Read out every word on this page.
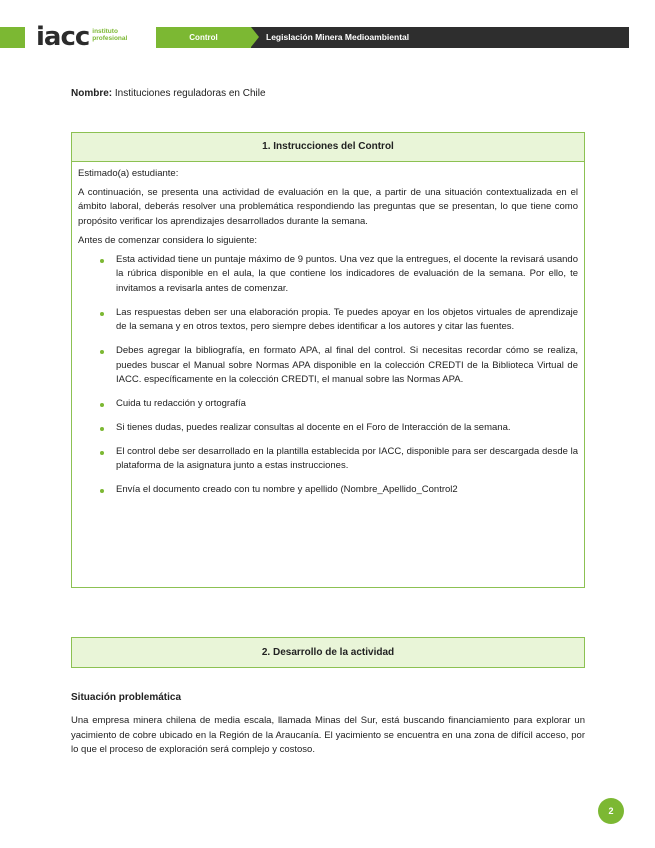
iacc instituto
profesional	Control	Legislación Minera Medioambiental
Nombre: Instituciones reguladoras en Chile
1. Instrucciones del Control

Estimado(a) estudiante:

A continuación, se presenta una actividad de evaluación en la que, a partir de una situación contextualizada en el ámbito laboral, deberás resolver una problemática respondiendo las preguntas que se presentan, lo que tiene como propósito verificar los aprendizajes desarrollados durante la semana.

Antes de comenzar considera lo siguiente:

Esta actividad tiene un puntaje máximo de 9 puntos. Una vez que la entregues, el docente la revisará usando la rúbrica disponible en el aula, la que contiene los indicadores de evaluación de la semana. Por ello, te invitamos a revisarla antes de comenzar.
Las respuestas deben ser una elaboración propia. Te puedes apoyar en los objetos virtuales de aprendizaje de la semana y en otros textos, pero siempre debes identificar a los autores y citar las fuentes.
Debes agregar la bibliografía, en formato APA, al final del control. Si necesitas recordar cómo se realiza, puedes buscar el Manual sobre Normas APA disponible en la colección CREDTI de la Biblioteca Virtual de IACC. específicamente en la colección CREDTI, el manual sobre las Normas APA.
Cuida tu redacción y ortografía
Si tienes dudas, puedes realizar consultas al docente en el Foro de Interacción de la semana.
El control debe ser desarrollado en la plantilla establecida por IACC, disponible para ser descargada desde la plataforma de la asignatura junto a estas instrucciones.
Envía el documento creado con tu nombre y apellido (Nombre_Apellido_Control2
2. Desarrollo de la actividad
Situación problemática
Una empresa minera chilena de media escala, llamada Minas del Sur, está buscando financiamiento para explorar un yacimiento de cobre ubicado en la Región de la Araucanía. El yacimiento se encuentra en una zona de difícil acceso, por lo que el proceso de exploración será complejo y costoso.
2
